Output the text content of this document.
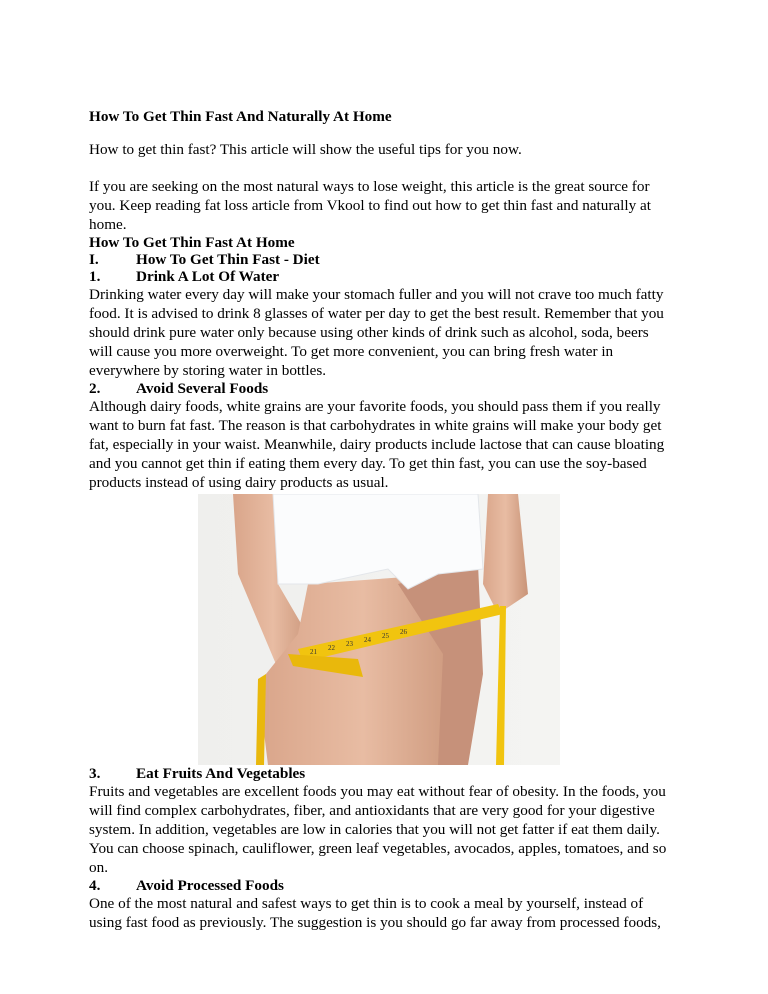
How To Get Thin Fast And Naturally At Home
How to get thin fast? This article will show the useful tips for you now.
If you are seeking on the most natural ways to lose weight, this article is the great source for
you. Keep reading fat loss article from Vkool to find out how to get thin fast and naturally at
home.
How To Get Thin Fast At Home
I. How To Get Thin Fast - Diet
1. Drink A Lot Of Water
Drinking water every day will make your stomach fuller and you will not crave too much fatty
food. It is advised to drink 8 glasses of water per day to get the best result. Remember that you
should drink pure water only because using other kinds of drink such as alcohol, soda, beers
will cause you more overweight. To get more convenient, you can bring fresh water in
everywhere by storing water in bottles.
2. Avoid Several Foods
Although dairy foods, white grains are your favorite foods, you should pass them if you really
want to burn fat fast. The reason is that carbohydrates in white grains will make your body get
fat, especially in your waist. Meanwhile, dairy products include lactose that can cause bloating
and you cannot get thin if eating them every day. To get thin fast, you can use the soy-based
products instead of using dairy products as usual.
21 22 23 24 25 26
3. Eat Fruits And Vegetables
Fruits and vegetables are excellent foods you may eat without fear of obesity. In the foods, you
will find complex carbohydrates, fiber, and antioxidants that are very good for your digestive
system. In addition, vegetables are low in calories that you will not get fatter if eat them daily.
You can choose spinach, cauliflower, green leaf vegetables, avocados, apples, tomatoes, and so
on.
4. Avoid Processed Foods
One of the most natural and safest ways to get thin is to cook a meal by yourself, instead of
using fast food as previously. The suggestion is you should go far away from processed foods,
